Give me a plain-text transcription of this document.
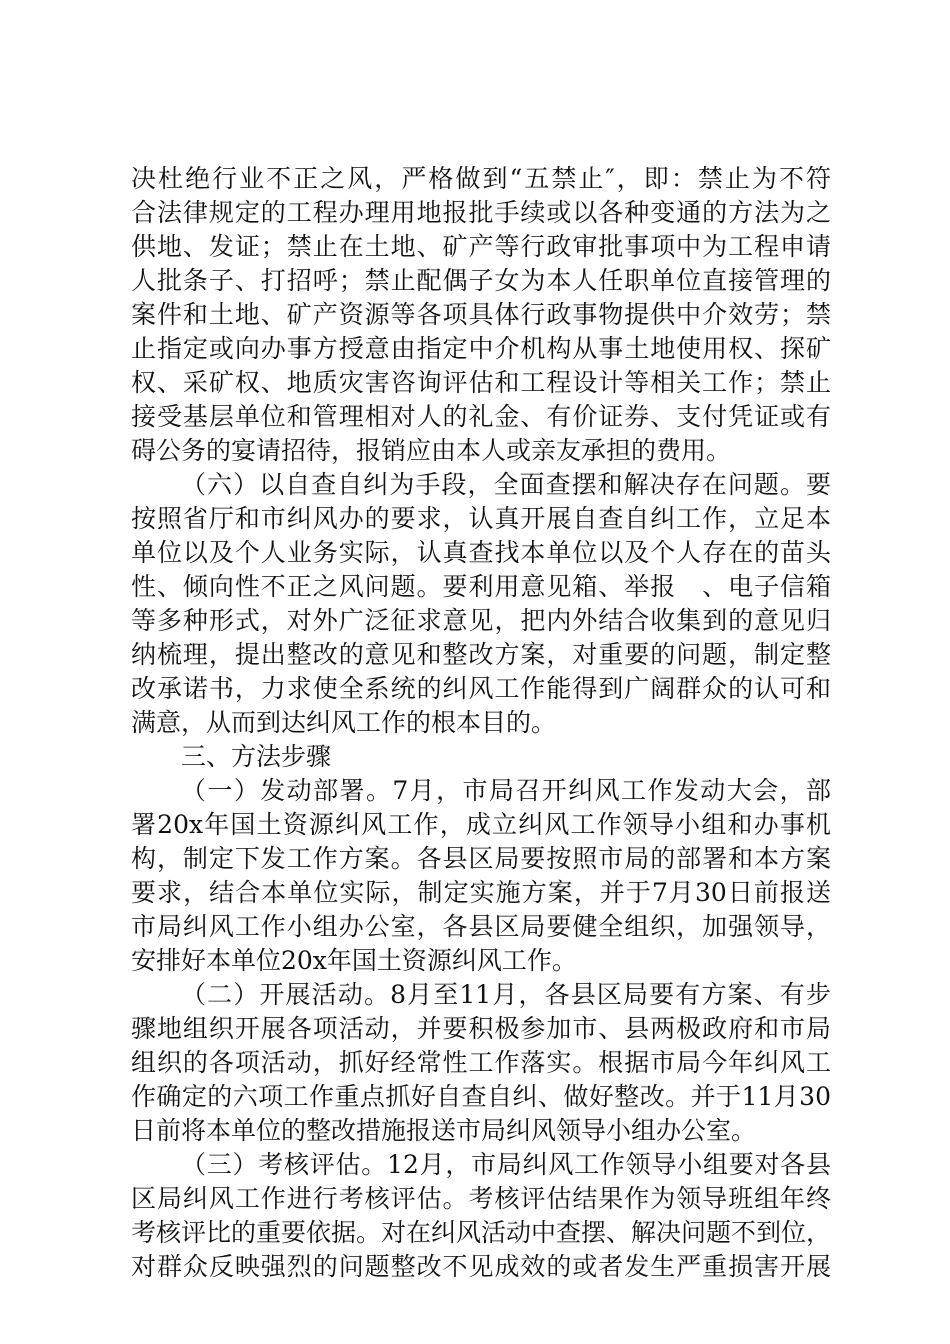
决杜绝行业不正之风，严格做到“五禁止″，即：禁止为不符
合法律规定的工程办理用地报批手续或以各种变通的方法为之
供地、发证；禁止在土地、矿产等行政审批事项中为工程申请
人批条子、打招呼；禁止配偶子女为本人任职单位直接管理的
案件和土地、矿产资源等各项具体行政事物提供中介效劳；禁
止指定或向办事方授意由指定中介机构从事土地使用权、探矿
权、采矿权、地质灾害咨询评估和工程设计等相关工作；禁止
接受基层单位和管理相对人的礼金、有价证券、支付凭证或有
碍公务的宴请招待，报销应由本人或亲友承担的费用。
（六）以自查自纠为手段，全面查摆和解决存在问题。要
按照省厅和市纠风办的要求，认真开展自查自纠工作，立足本
单位以及个人业务实际，认真查找本单位以及个人存在的苗头
性、倾向性不正之风问题。要利用意见箱、举报　、电子信箱
等多种形式，对外广泛征求意见，把内外结合收集到的意见归
纳梳理，提出整改的意见和整改方案，对重要的问题，制定整
改承诺书，力求使全系统的纠风工作能得到广阔群众的认可和
满意，从而到达纠风工作的根本目的。
三、方法步骤
（一）发动部署。7月，市局召开纠风工作发动大会，部
署20x年国土资源纠风工作，成立纠风工作领导小组和办事机
构，制定下发工作方案。各县区局要按照市局的部署和本方案
要求，结合本单位实际，制定实施方案，并于7月30日前报送
市局纠风工作小组办公室，各县区局要健全组织，加强领导，
安排好本单位20x年国土资源纠风工作。
（二）开展活动。8月至11月，各县区局要有方案、有步
骤地组织开展各项活动，并要积极参加市、县两极政府和市局
组织的各项活动，抓好经常性工作落实。根据市局今年纠风工
作确定的六项工作重点抓好自查自纠、做好整改。并于11月30
日前将本单位的整改措施报送市局纠风领导小组办公室。
（三）考核评估。12月，市局纠风工作领导小组要对各县
区局纠风工作进行考核评估。考核评估结果作为领导班组年终
考核评比的重要依据。对在纠风活动中查摆、解决问题不到位，
对群众反映强烈的问题整改不见成效的或者发生严重损害开展
